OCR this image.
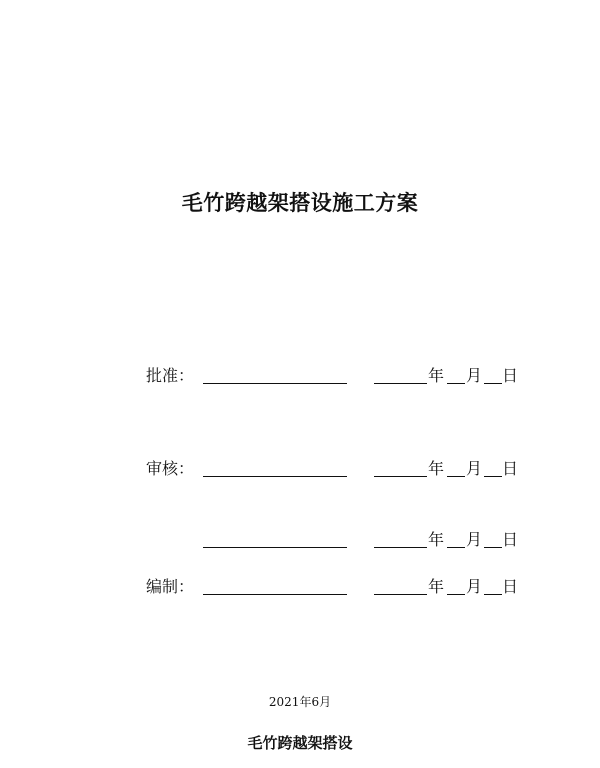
毛竹跨越架搭设施工方案
批准：	年 月 日
审核：	年 月 日
年 月 日
编制：	年 月 日
2021年6月
毛竹跨越架搭设
